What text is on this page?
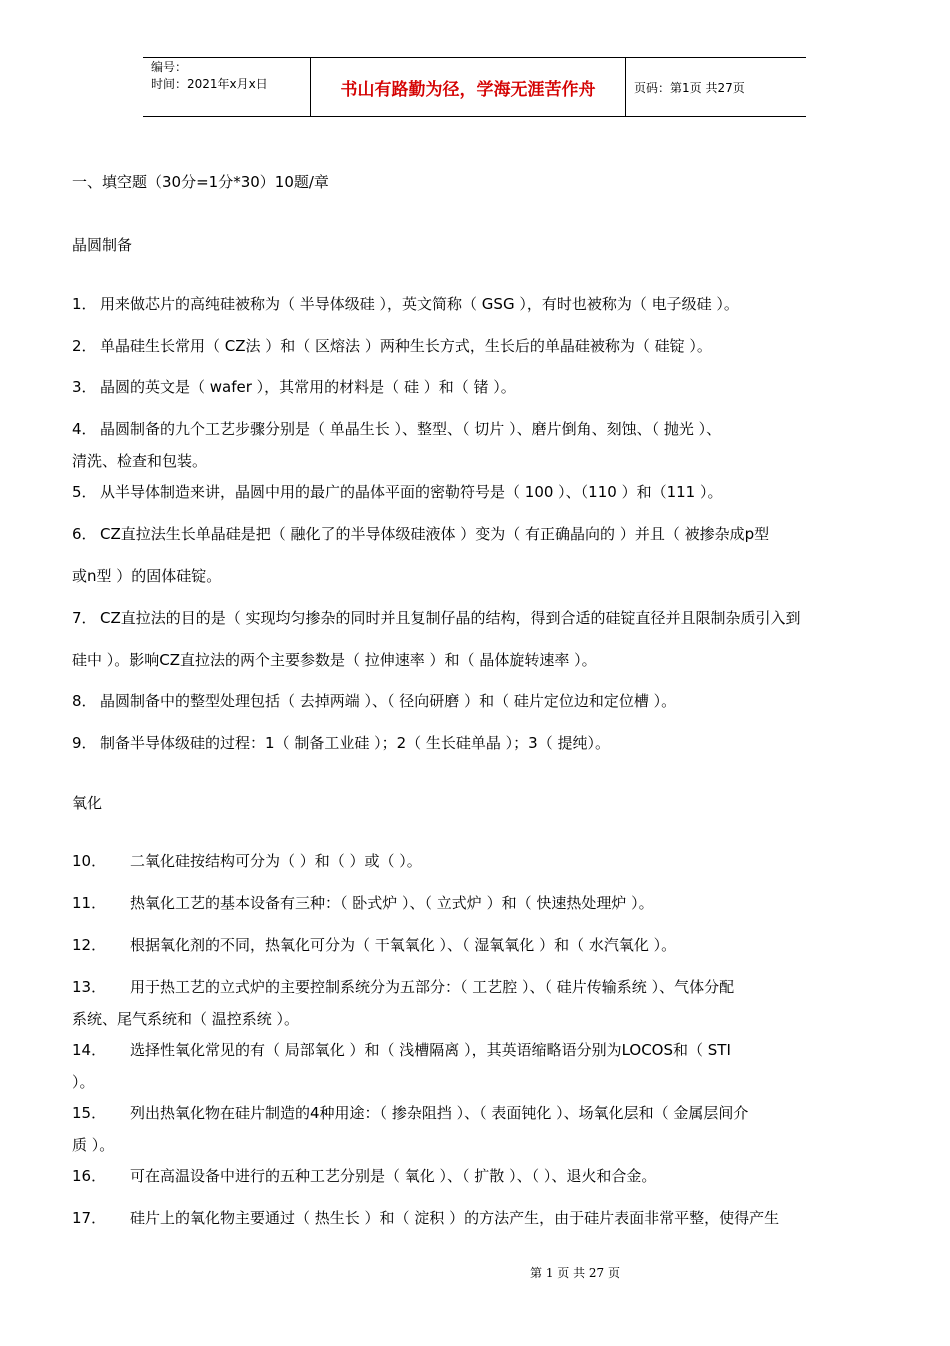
编号：
时间：2021年x月x日	书山有路勤为径，学海无涯苦作舟	页码：第1页 共27页
一、填空题（30分=1分*30）10题/章
晶圆制备
1． 用来做芯片的高纯硅被称为（ 半导体级硅 ），英文简称（ GSG ），有时也被称为（ 电子级硅 ）。
2． 单晶硅生长常用（ CZ法 ）和（ 区熔法 ）两种生长方式，生长后的单晶硅被称为（ 硅锭 ）。
3． 晶圆的英文是（ wafer ），其常用的材料是（ 硅 ）和（ 锗 ）。
4． 晶圆制备的九个工艺步骤分别是（ 单晶生长 ）、整型、（ 切片 ）、磨片倒角、刻蚀、（ 抛光 ）、
清洗、检查和包装。
5． 从半导体制造来讲，晶圆中用的最广的晶体平面的密勒符号是（ 100 ）、（110 ）和（111 ）。
6． CZ直拉法生长单晶硅是把（ 融化了的半导体级硅液体 ）变为（ 有正确晶向的 ）并且（ 被掺杂成p型
或n型 ）的固体硅锭。
7． CZ直拉法的目的是（ 实现均匀掺杂的同时并且复制仔晶的结构，得到合适的硅锭直径并且限制杂质引入到
硅中 ）。影响CZ直拉法的两个主要参数是（ 拉伸速率 ）和（ 晶体旋转速率 ）。
8． 晶圆制备中的整型处理包括（ 去掉两端 ）、（ 径向研磨 ）和（ 硅片定位边和定位槽 ）。
9． 制备半导体级硅的过程：1（ 制备工业硅 ）；2（ 生长硅单晶 ）；3（ 提纯）。
氧化
10． 二氧化硅按结构可分为（ ）和（ ）或（ ）。
11． 热氧化工艺的基本设备有三种：（ 卧式炉 ）、（ 立式炉 ）和（ 快速热处理炉 ）。
12． 根据氧化剂的不同，热氧化可分为（ 干氧氧化 ）、（ 湿氧氧化 ）和（ 水汽氧化 ）。
13． 用于热工艺的立式炉的主要控制系统分为五部分：（ 工艺腔 ）、（ 硅片传输系统 ）、气体分配
系统、尾气系统和（ 温控系统 ）。
14． 选择性氧化常见的有（ 局部氧化 ）和（ 浅槽隔离 ），其英语缩略语分别为LOCOS和（ STI
）。
15． 列出热氧化物在硅片制造的4种用途：（ 掺杂阻挡 ）、（ 表面钝化 ）、场氧化层和（ 金属层间介
质 ）。
16． 可在高温设备中进行的五种工艺分别是（ 氧化 ）、（ 扩散 ）、（ ）、退火和合金。
17． 硅片上的氧化物主要通过（ 热生长 ）和（ 淀积 ）的方法产生，由于硅片表面非常平整，使得产生
第 1 页 共 27 页
